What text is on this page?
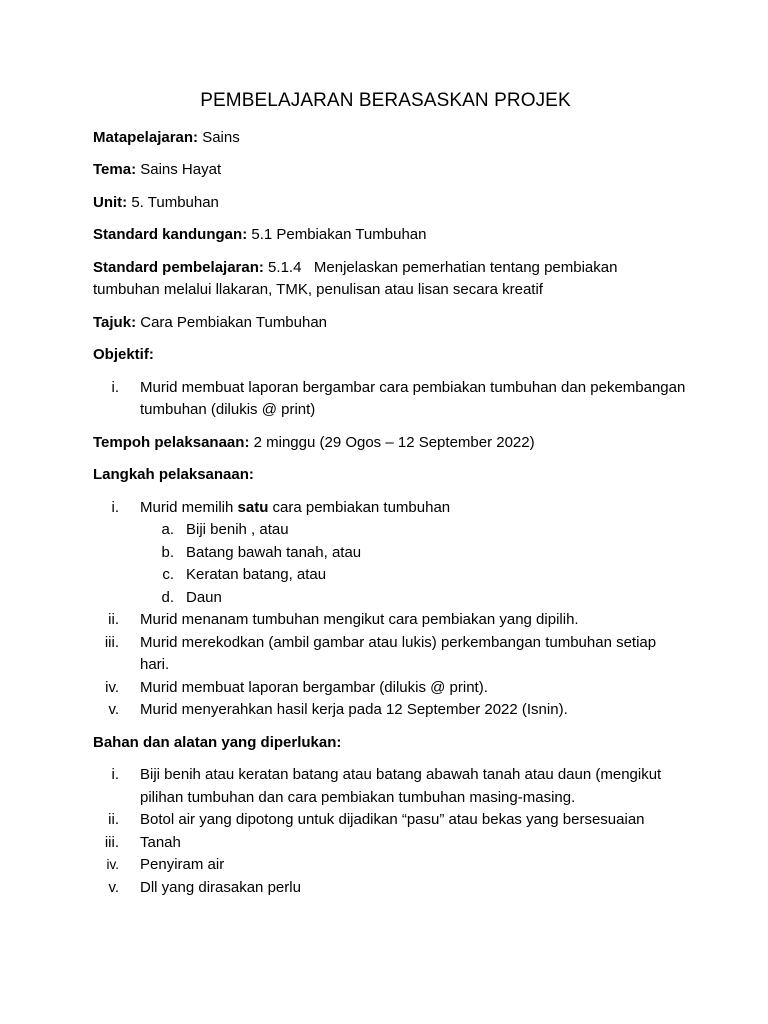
PEMBELAJARAN BERASASKAN PROJEK
Matapelajaran: Sains
Tema: Sains Hayat
Unit: 5. Tumbuhan
Standard kandungan: 5.1 Pembiakan Tumbuhan
Standard pembelajaran: 5.1.4   Menjelaskan pemerhatian tentang pembiakan tumbuhan melalui llakaran, TMK, penulisan atau lisan secara kreatif
Tajuk: Cara Pembiakan Tumbuhan
Objektif:
i. Murid membuat laporan bergambar cara pembiakan tumbuhan dan pekembangan tumbuhan (dilukis @ print)
Tempoh pelaksanaan: 2 minggu (29 Ogos – 12 September 2022)
Langkah pelaksanaan:
i. Murid memilih satu cara pembiakan tumbuhan
a. Biji benih , atau
b. Batang bawah tanah, atau
c. Keratan batang, atau
d. Daun
ii. Murid menanam tumbuhan mengikut cara pembiakan yang dipilih.
iii. Murid merekodkan (ambil gambar atau lukis) perkembangan tumbuhan setiap hari.
iv. Murid membuat laporan bergambar (dilukis @ print).
v. Murid menyerahkan hasil kerja pada 12 September 2022 (Isnin).
Bahan dan alatan yang diperlukan:
i. Biji benih atau keratan batang atau batang abawah tanah atau daun (mengikut pilihan tumbuhan dan cara pembiakan tumbuhan masing-masing.
ii. Botol air yang dipotong untuk dijadikan “pasu” atau bekas yang bersesuaian
iii. Tanah
iv. Penyiram air
v. Dll yang dirasakan perlu
